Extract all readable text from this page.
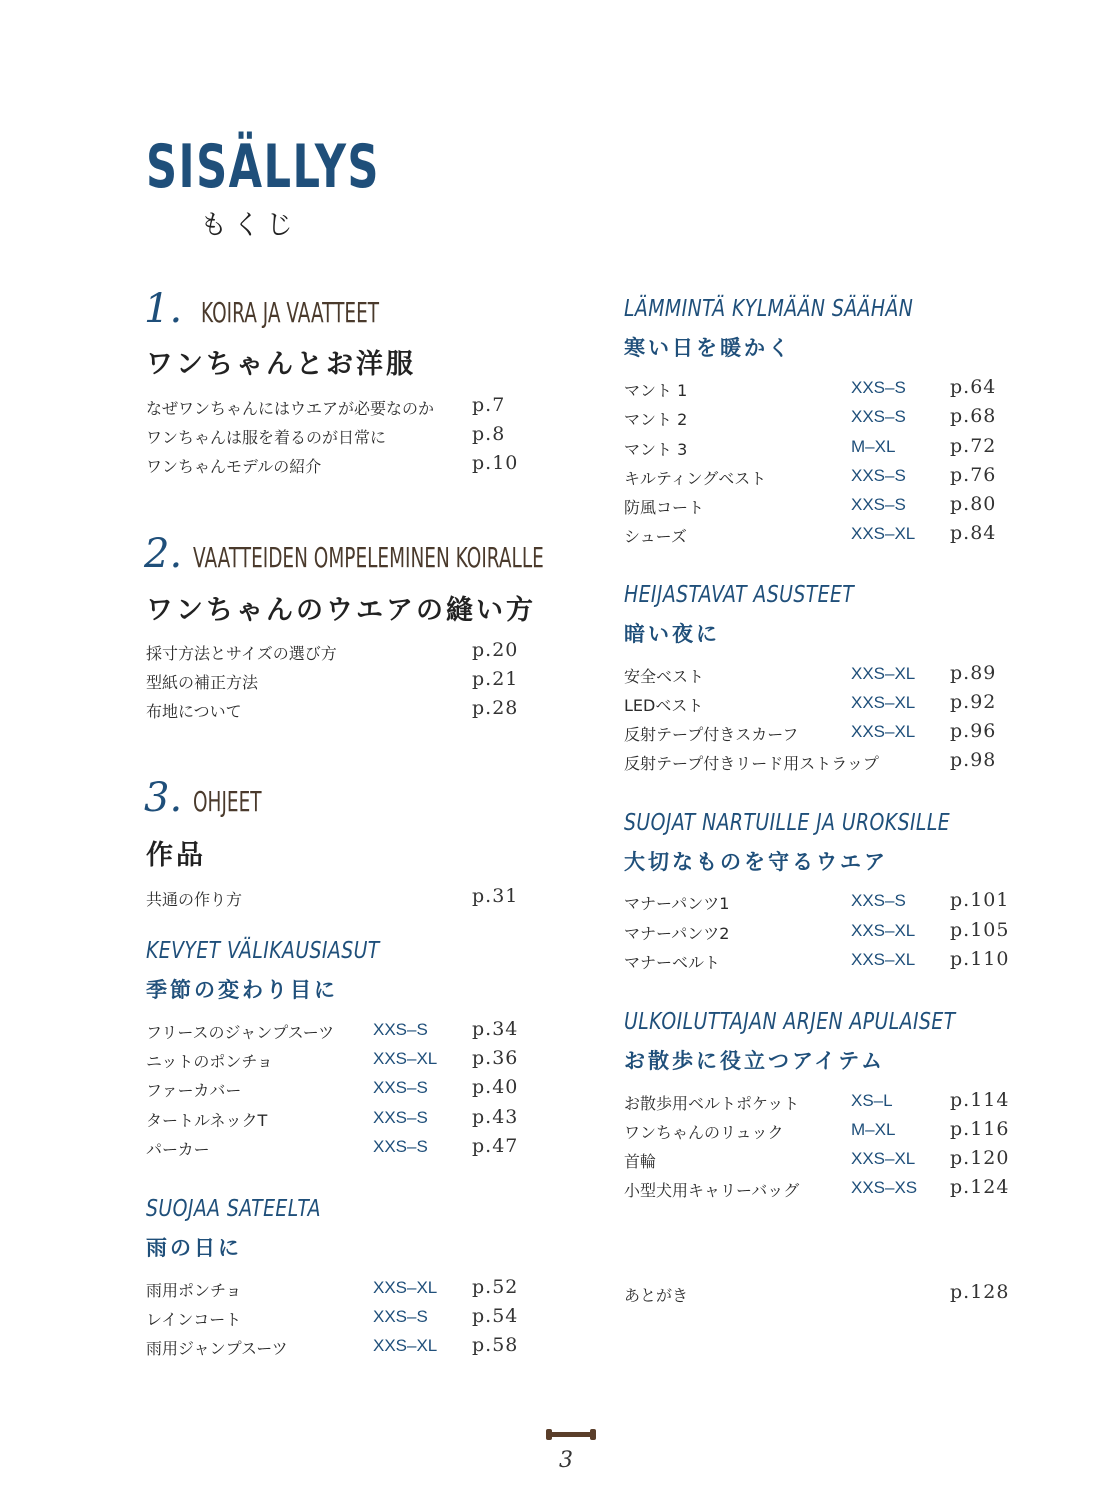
SISÄLLYS
もくじ
1. KOIRA JA VAATTEET
ワンちゃんとお洋服
なぜワンちゃんにはウエアが必要なのか p.7
ワンちゃんは服を着るのが日常に	p.8
ワンちゃんモデルの紹介	p.10
2. VAATTEIDEN OMPELEMINEN KOIRALLE
ワンちゃんのウエアの縫い方
採寸方法とサイズの選び方	p.20
型紙の補正方法	p.21
布地について	p.28
3. OHJEET
作品
共通の作り方	p.31
KEVYET VÄLIKAUSIASUT
季節の変わり目に
フリースのジャンプスーツ XXS–S p.34
ニットのポンチョ	XXS–XL p.36
ファーカバー	XXS–S p.40
タートルネックT	XXS–S p.43
パーカー	XXS–S p.47
SUOJAA SATEELTA
雨の日に
雨用ポンチョ	XXS–XL p.52
レインコート	XXS–S p.54
雨用ジャンプスーツ	XXS–XL p.58
LÄMMINTÄ KYLMÄÄN SÄÄHÄN
寒い日を暖かく
マント 1	XXS–S p.64
マント 2	XXS–S p.68
マント 3	M–XL	p.72
キルティングベスト	XXS–S p.76
防風コート	XXS–S p.80
シューズ	XXS–XL p.84
HEIJASTAVAT ASUSTEET
暗い夜に
安全ベスト	XXS–XL p.89
LEDベスト	XXS–XL p.92
反射テープ付きスカーフ	XXS–XL p.96
反射テープ付きリード用ストラップ	p.98
SUOJAT NARTUILLE JA UROKSILLE
大切なものを守るウエア
マナーパンツ1	XXS–S p.101
マナーパンツ2	XXS–XL p.105
マナーベルト	XXS–XL p.110
ULKOILUTTAJAN ARJEN APULAISET
お散歩に役立つアイテム
お散歩用ベルトポケット	XS–L	p.114
ワンちゃんのリュック	M–XL	p.116
首輪	XXS–XL p.120
小型犬用キャリーバッグ	XXS–XS p.124
あとがき	p.128
3
